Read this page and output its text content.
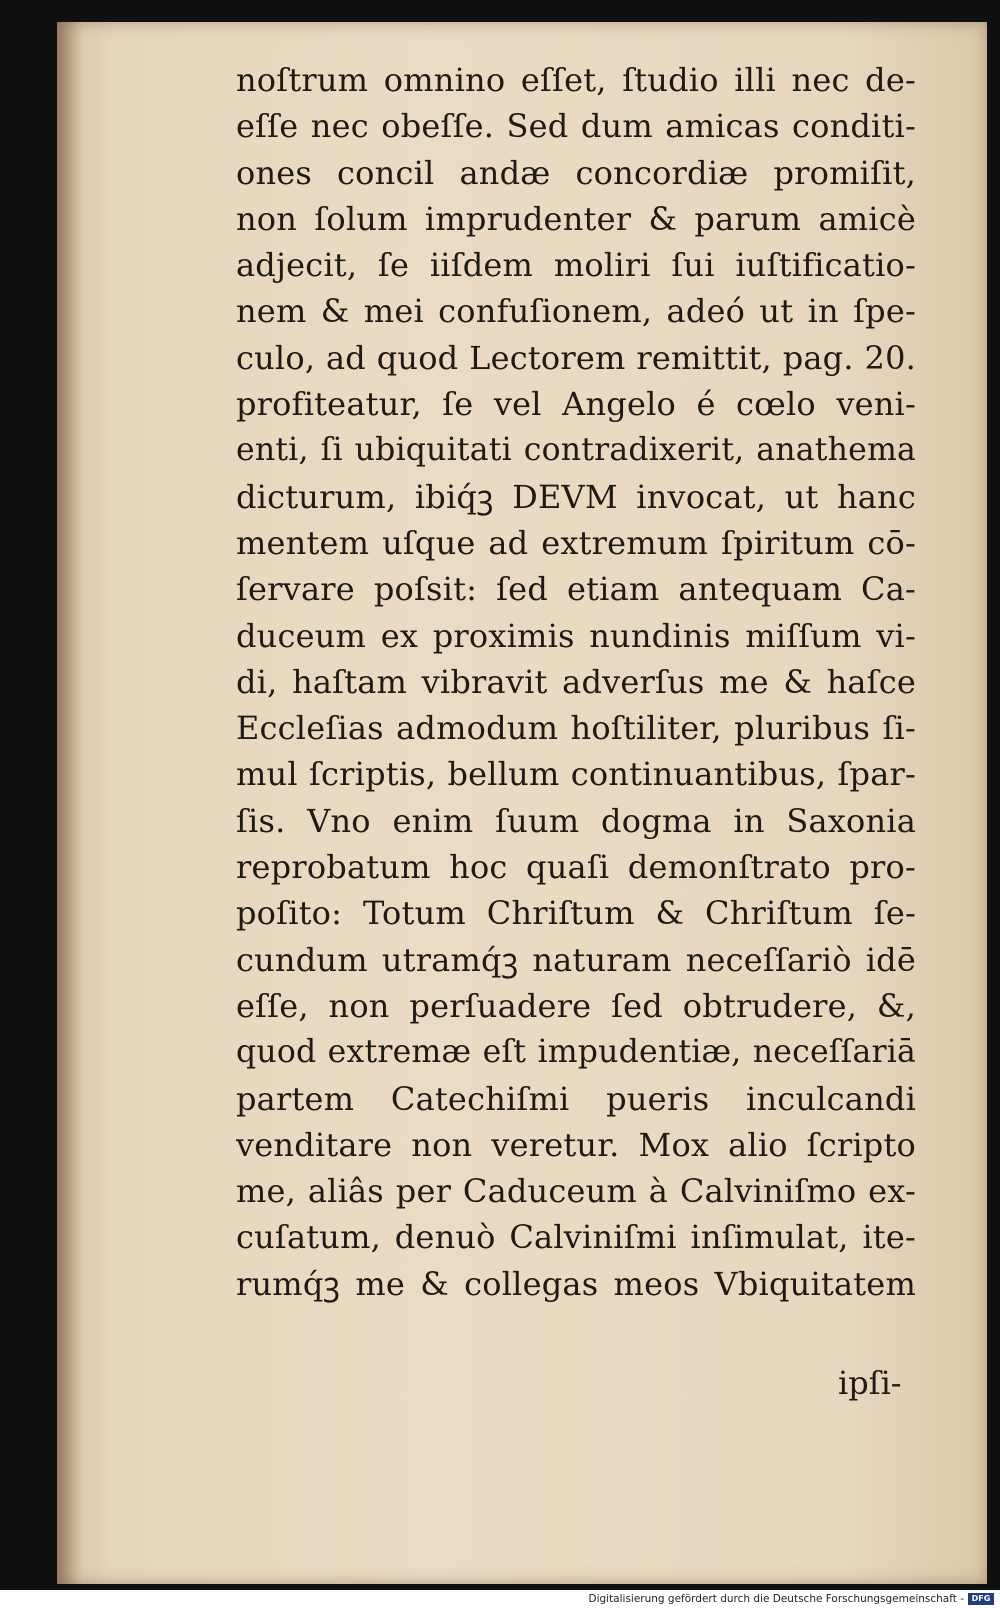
noſtrum omnino eſſet, ſtudio illi nec de-
eſſe nec obeſſe. Sed dum amicas conditi-
ones concil andæ concordiæ promiſit,
non ſolum imprudenter & parum amicè
adjecit, ſe iiſdem moliri ſui iuſtificatio-
nem & mei confuſionem, adeó ut in ſpe-
culo, ad quod Lectorem remittit, pag. 20.
profiteatur, ſe vel Angelo é cœlo veni-
enti, ſi ubiquitati contradixerit, anathema
dicturum, ibiq́ꝫ DEVM invocat, ut hanc
mentem uſque ad extremum ſpiritum cō-
ſervare poſsit: ſed etiam antequam Ca-
duceum ex proximis nundinis miſſum vi-
di, haſtam vibravit adverſus me & haſce
Eccleſias admodum hoſtiliter, pluribus ſi-
mul ſcriptis, bellum continuantibus, ſpar-
ſis. Vno enim ſuum dogma in Saxonia
reprobatum hoc quaſi demonſtrato pro-
poſito: Totum Chriſtum & Chriſtum ſe-
cundum utramq́ꝫ naturam neceſſariò idē
eſſe, non perſuadere ſed obtrudere, &,
quod extremæ eſt impudentiæ, neceſſariā
partem Catechiſmi pueris inculcandi
venditare non veretur. Mox alio ſcripto
me, aliâs per Caduceum à Calviniſmo ex-
cuſatum, denuò Calviniſmi inſimulat, ite-
rumq́ꝫ me & collegas meos Vbiquitatem
ipſi-
Digitalisierung gefördert durch die Deutsche Forschungsgemeinschaft - DFG
